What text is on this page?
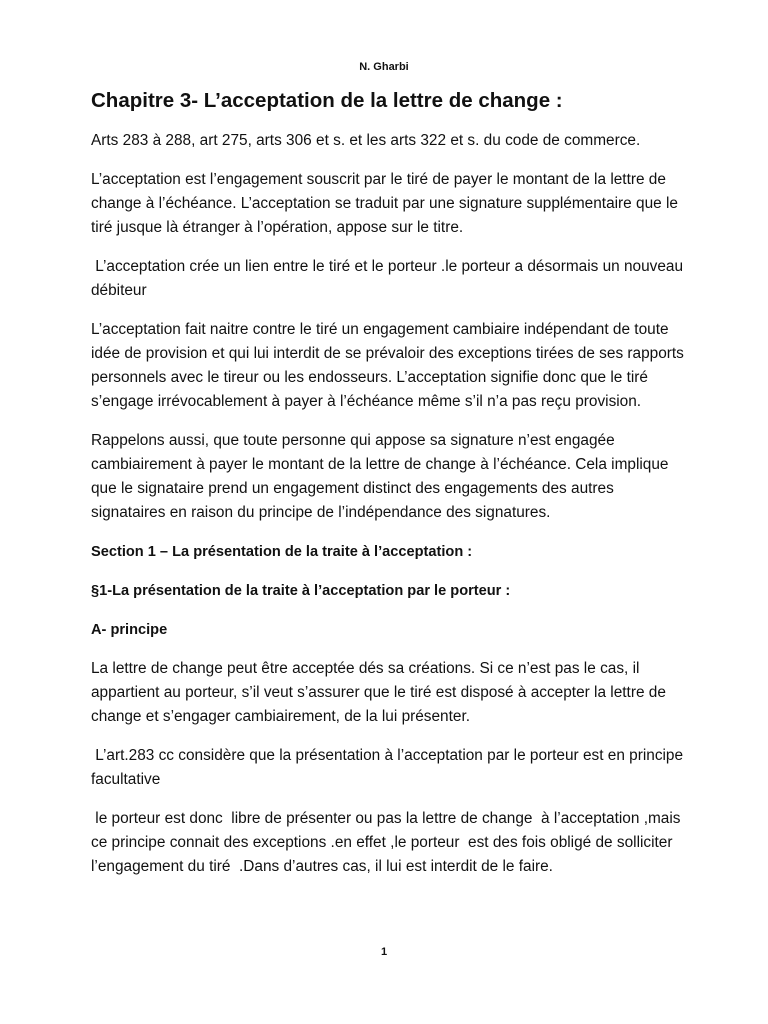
N. Gharbi
Chapitre 3- L’acceptation de la lettre de change :

Arts 283 à 288, art 275, arts 306 et s. et les arts 322 et s. du code de commerce.

L’acceptation est l’engagement souscrit par le tiré de payer le montant de la lettre de change à l’échéance. L’acceptation se traduit par une signature supplémentaire que le tiré jusque là étranger à l’opération, appose sur le titre.

L’acceptation crée un lien entre le tiré et le porteur .le porteur a désormais un nouveau débiteur

L’acceptation fait naitre contre le tiré un engagement cambiaire indépendant de toute idée de provision et qui lui interdit de se prévaloir des exceptions tirées de ses rapports personnels avec le tireur ou les endosseurs. L’acceptation signifie donc que le tiré s’engage irrévocablement à payer à l’échéance même s’il n’a pas reçu provision.

Rappelons aussi, que toute personne qui appose sa signature n’est engagée cambiairement à payer le montant de la lettre de change à l’échéance. Cela implique que le signataire prend un engagement distinct des engagements des autres signataires en raison du principe de l’indépendance des signatures.

Section 1 – La présentation de la traite à l’acceptation :
§1-La présentation de la traite à l’acceptation par le porteur :
A- principe

La lettre de change peut être acceptée dés sa créations. Si ce n’est pas le cas, il appartient au porteur, s’il veut s’assurer que le tiré est disposé à accepter la lettre de change et s’engager cambiairement, de la lui présenter.

L’art.283 cc considère que la présentation à l’acceptation par le porteur est en principe facultative

le porteur est donc  libre de présenter ou pas la lettre de change  à l’acceptation ,mais ce principe connait des exceptions .en effet ,le porteur  est des fois obligé de solliciter l’engagement du tiré  .Dans d’autres cas, il lui est interdit de le faire.

1
